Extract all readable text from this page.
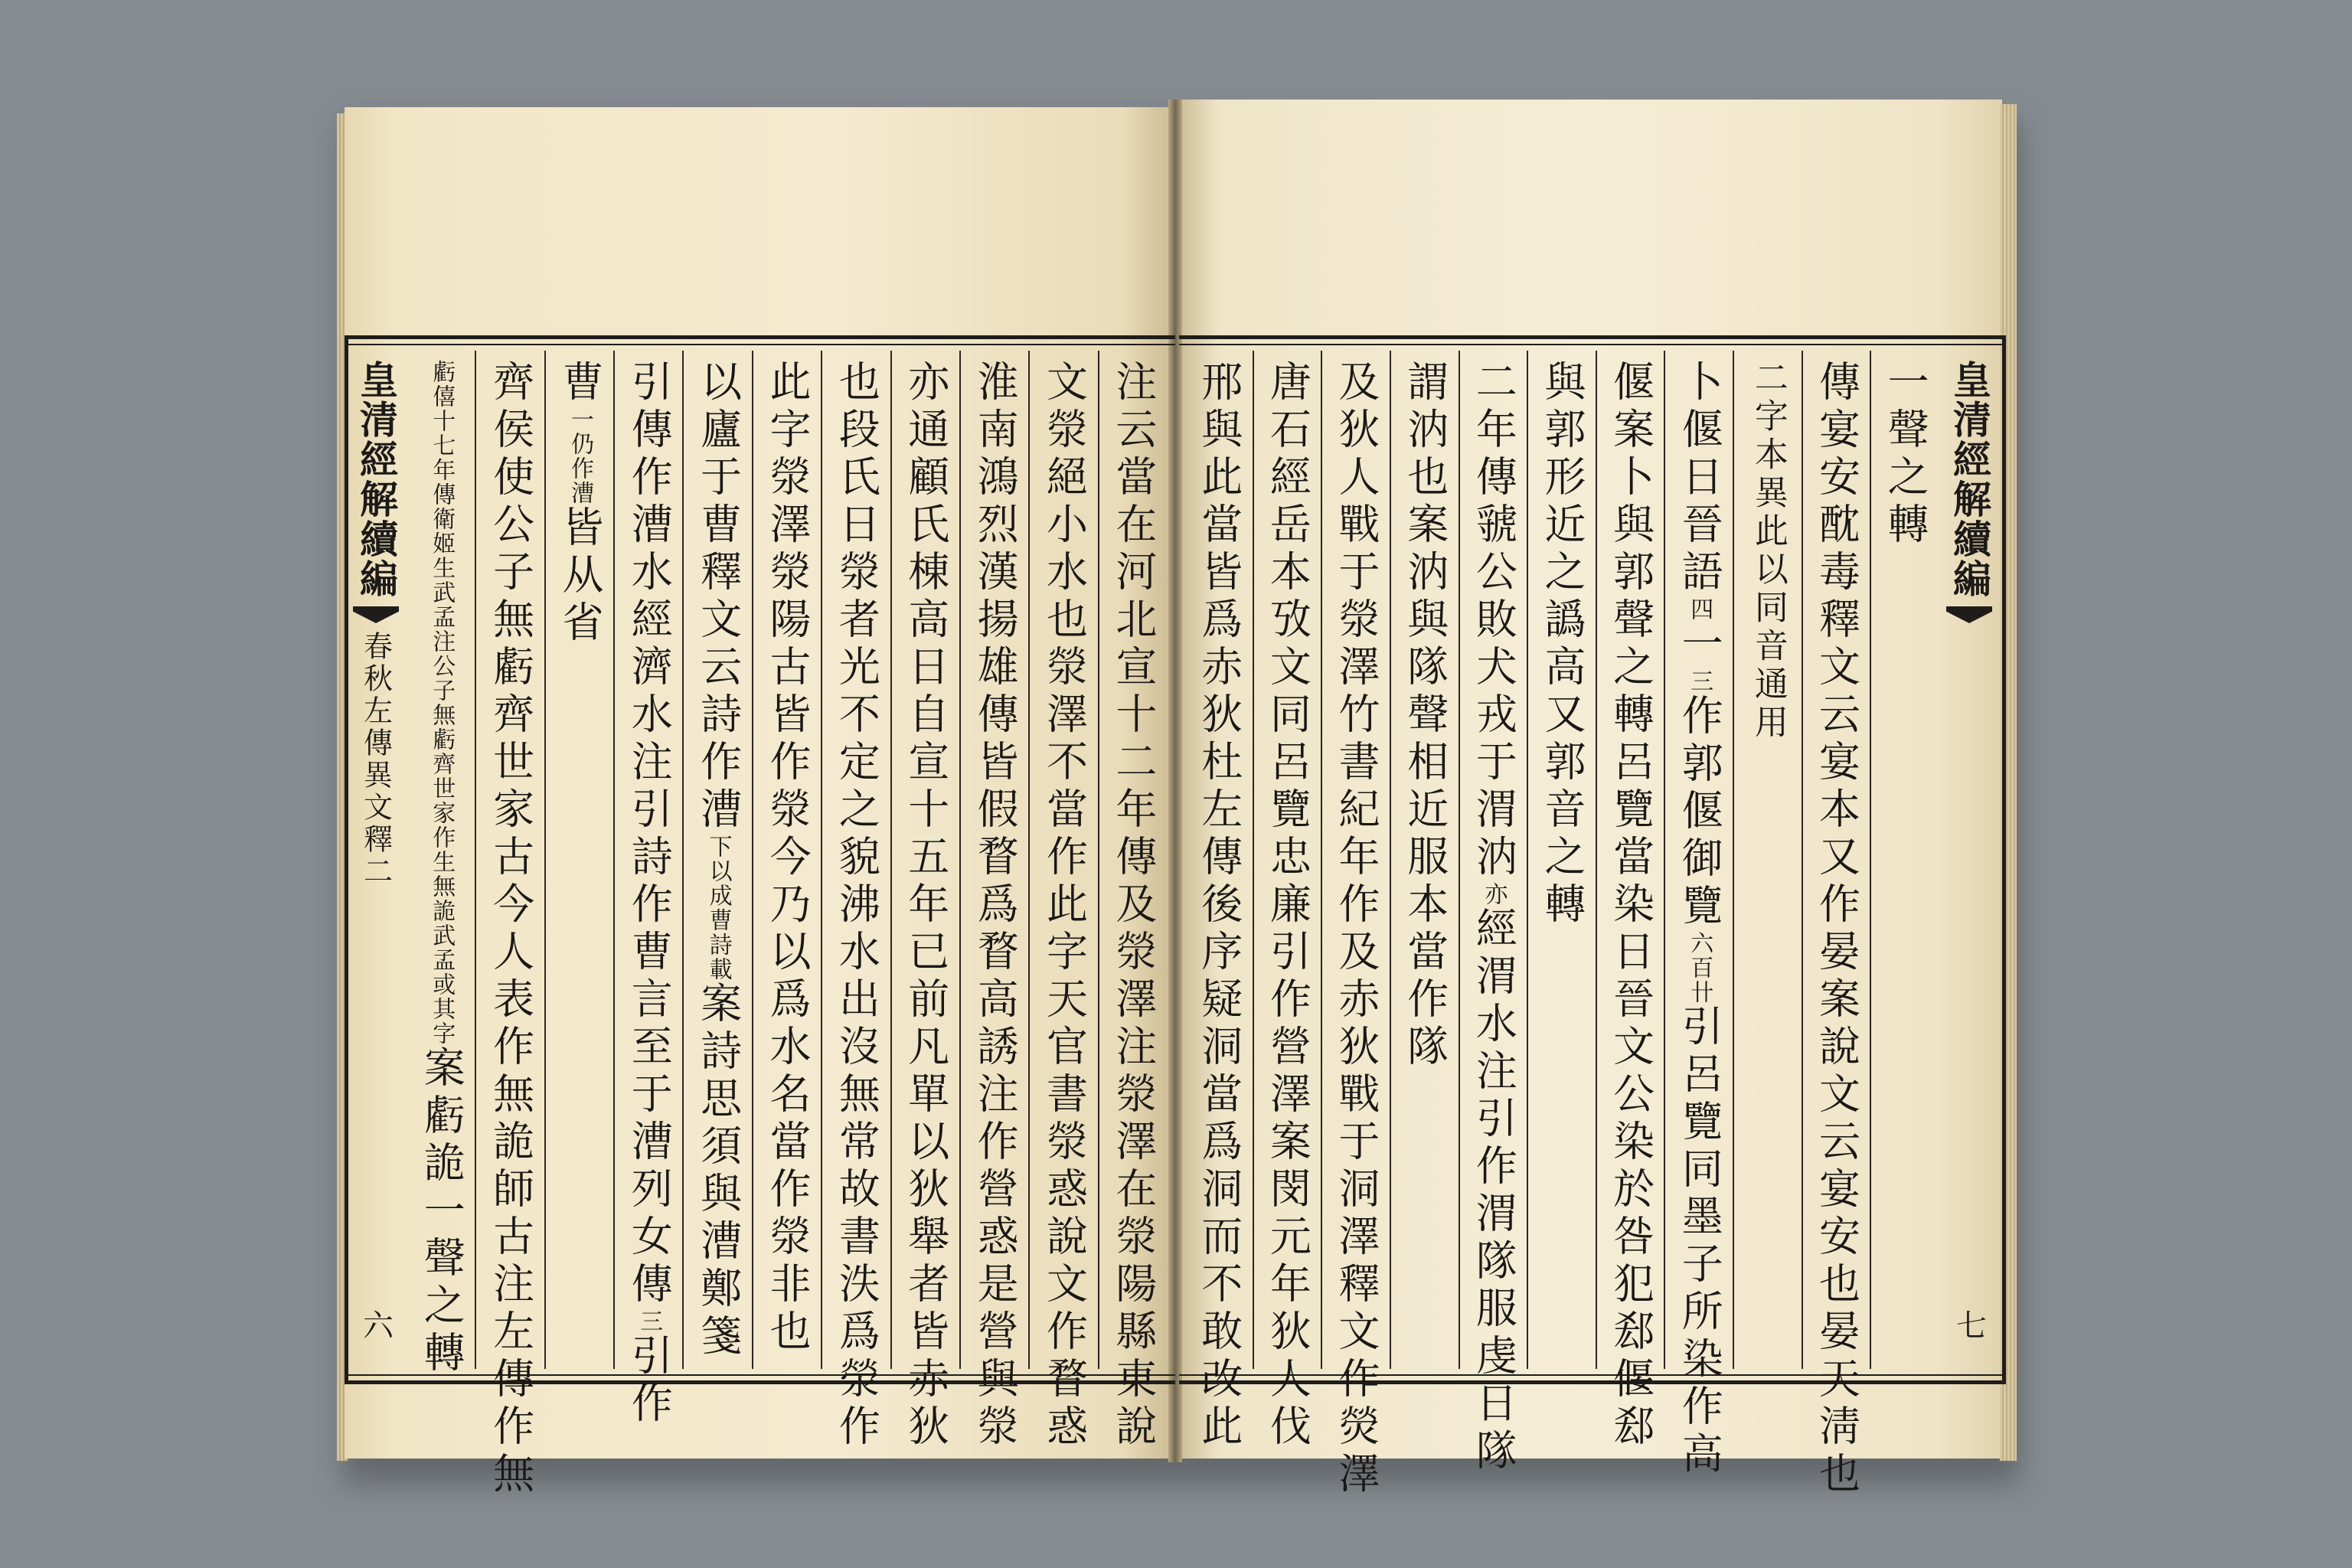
皇清經解續編
春秋左傳異文釋二
六
皇清經解續編
七
注云當在河北宣十二年傳及滎澤注滎澤在滎陽縣東說
文滎絕小水也滎澤不當作此字天官書滎惑說文作瞀惑
淮南鴻烈漢揚雄傳皆假瞀爲瞀高誘注作營惑是營與滎
亦通顧氏棟高日自宣十五年已前凡單以狄舉者皆赤狄
也段氏日滎者光不定之貌沸水出沒無常故書泆爲滎作
此字滎澤滎陽古皆作滎今乃以爲水名當作滎非也
以廬于曹釋文云詩作漕下以成曹詩載案詩思須與漕鄭箋
引傳作漕水經濟水注引詩作曹言至于漕列女傳三引作
曹一仍作漕皆从省
齊侯使公子無虧齊世家古今人表作無詭師古注左傳作無
虧僖十七年傳衛姬生武孟注公子無虧齊世家作生無詭武孟或其字案虧詭一聲之轉
一聲之轉
傳宴安酖毒釋文云宴本又作晏案說文云宴安也晏天淸也
二字本異此以同音通用
卜偃日晉語四一三作郭偃御覽六百卄引呂覽同墨子所染作高
偃案卜與郭聲之轉呂覽當染日晉文公染於咎犯郄偃郄
與郭形近之譌高又郭音之轉
二年傳虢公敗犬戎于渭汭亦經渭水注引作渭隊服虔日隊
謂汭也案汭與隊聲相近服本當作隊
及狄人戰于滎澤竹書紀年作及赤狄戰于洞澤釋文作熒澤
唐石經岳本攷文同呂覽忠廉引作營澤案閔元年狄人伐
邢與此當皆爲赤狄杜左傳後序疑洞當爲洞而不敢改此
